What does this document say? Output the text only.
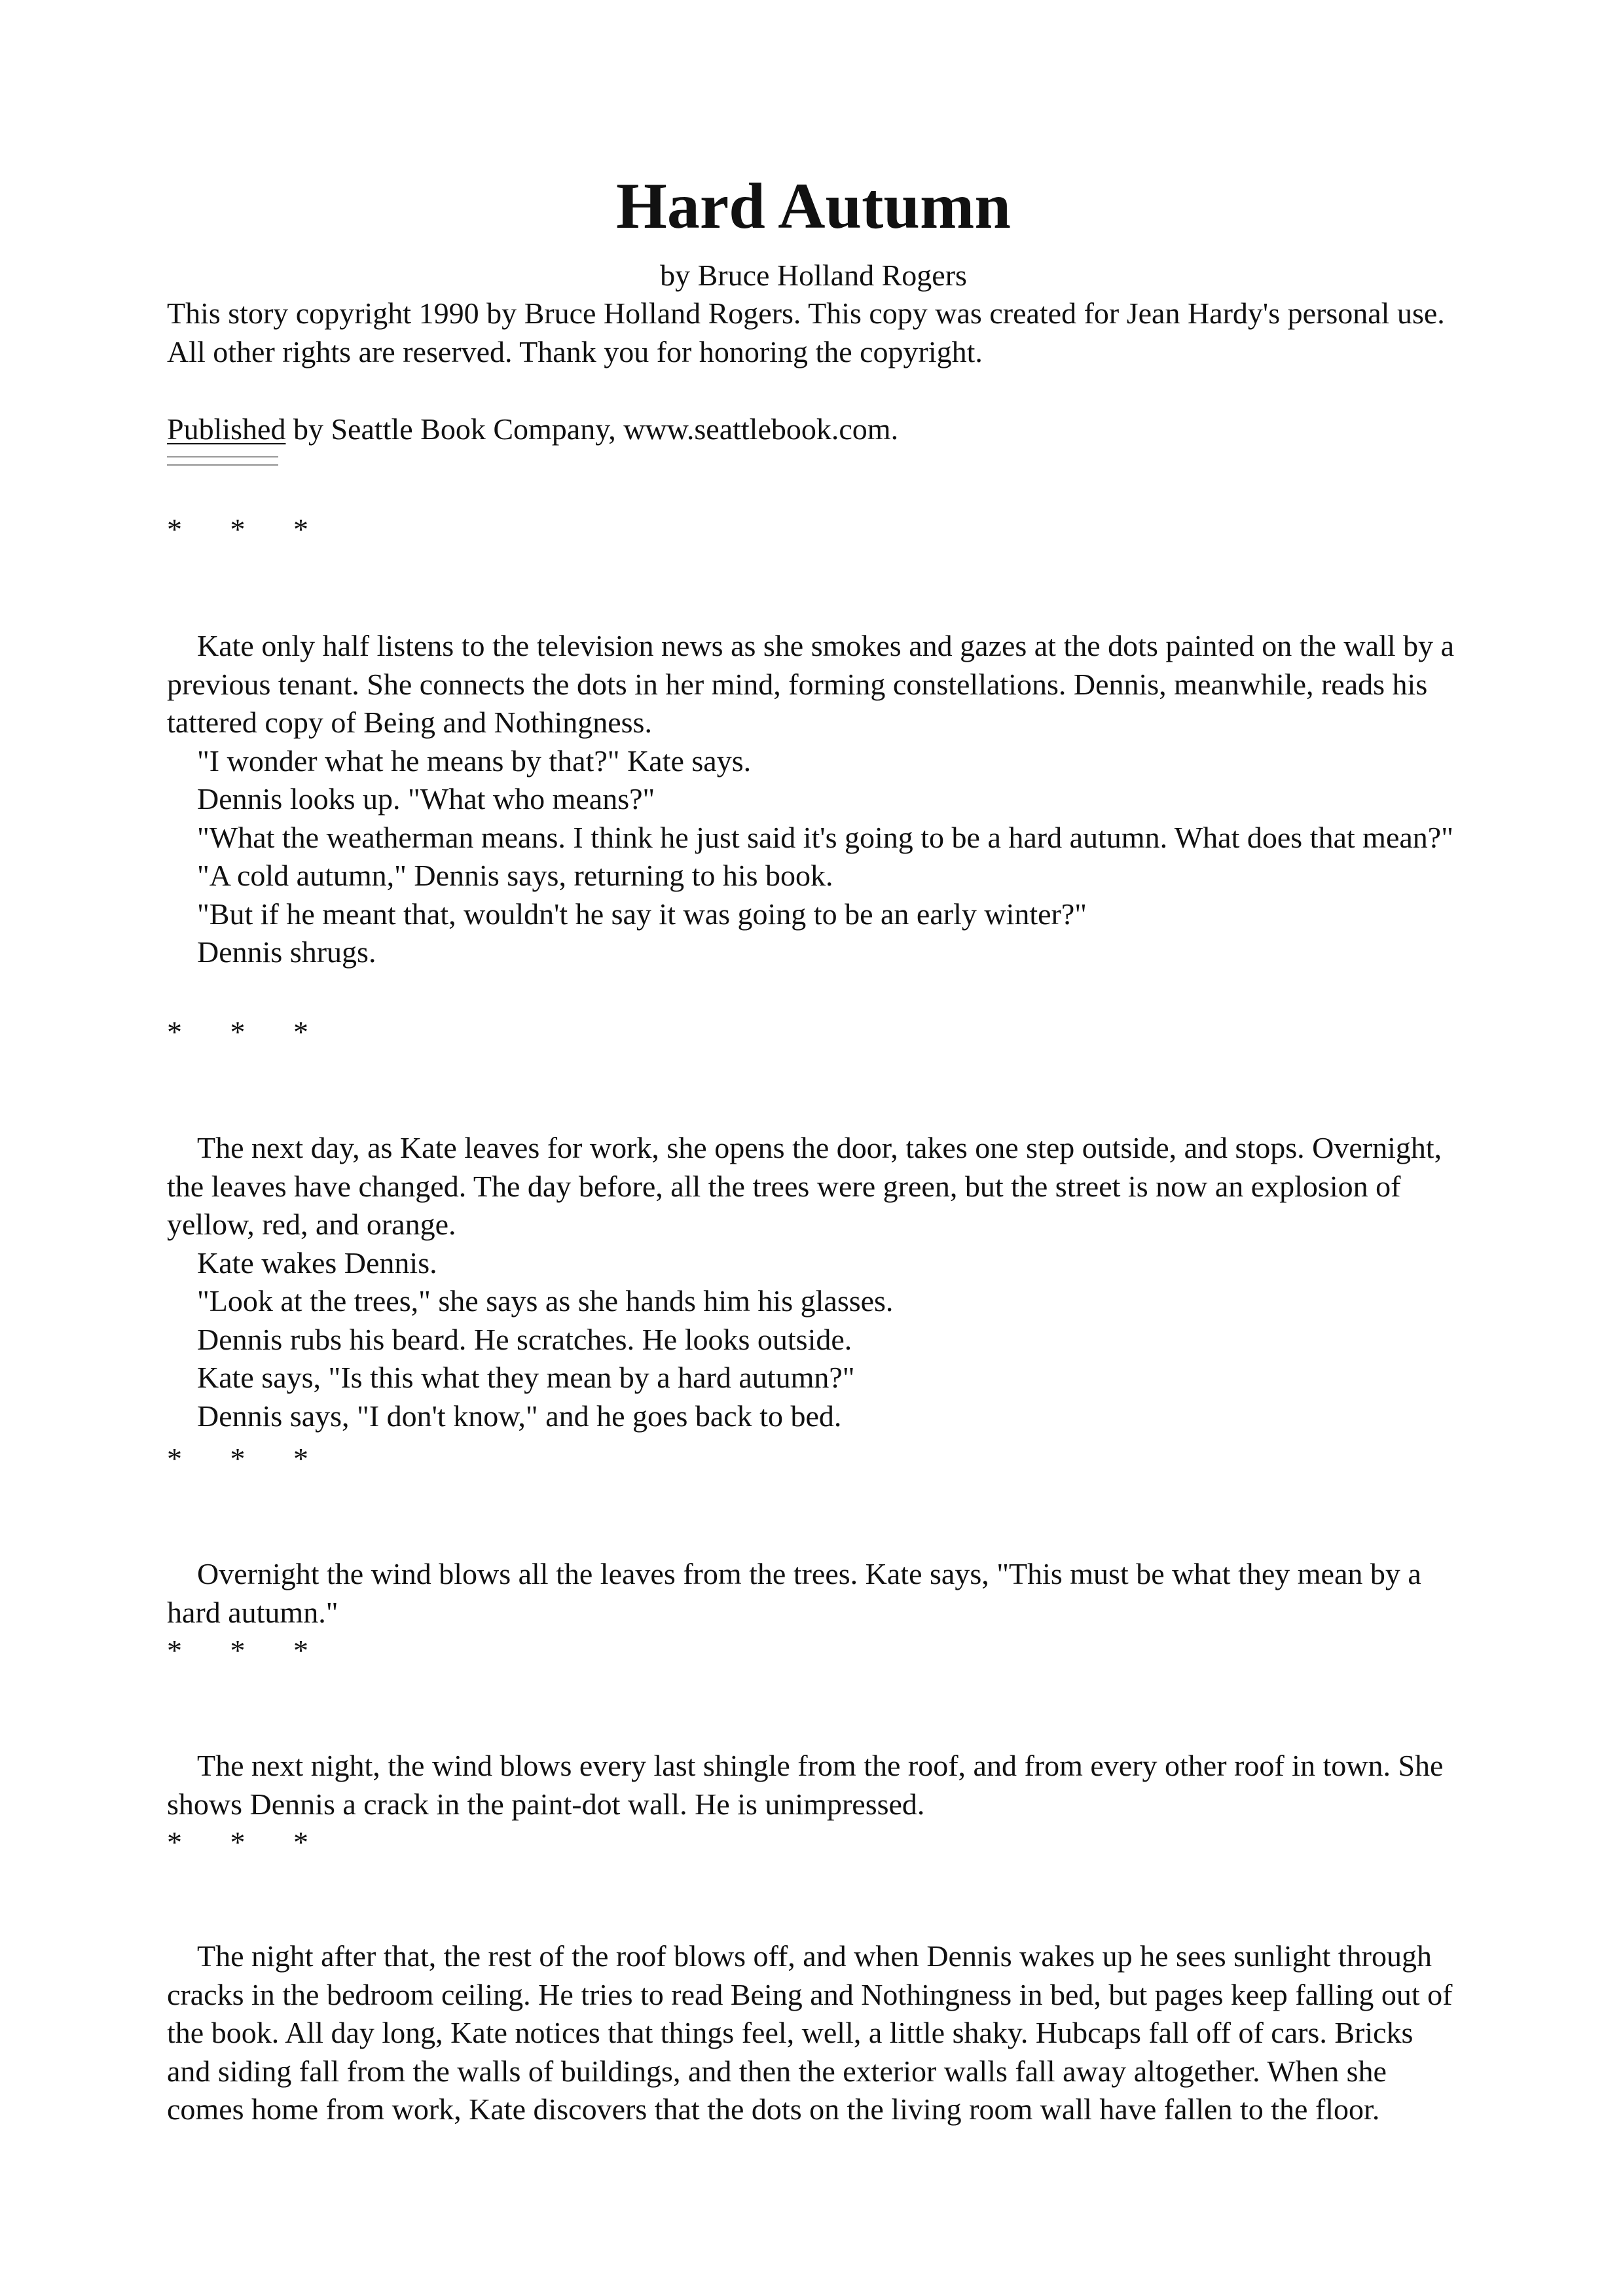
Hard Autumn
by Bruce Holland Rogers

This story copyright 1990 by Bruce Holland Rogers. This copy was created for Jean Hardy's personal use. All other rights are reserved. Thank you for honoring the copyright.

Published by Seattle Book Company, www.seattlebook.com.

* * *

Kate only half listens to the television news as she smokes and gazes at the dots painted on the wall by a previous tenant. She connects the dots in her mind, forming constellations. Dennis, meanwhile, reads his tattered copy of Being and Nothingness.

"I wonder what he means by that?" Kate says.

Dennis looks up. "What who means?"

"What the weatherman means. I think he just said it's going to be a hard autumn. What does that mean?"

"A cold autumn," Dennis says, returning to his book.

"But if he meant that, wouldn't he say it was going to be an early winter?"

Dennis shrugs.

* * *

The next day, as Kate leaves for work, she opens the door, takes one step outside, and stops. Overnight, the leaves have changed. The day before, all the trees were green, but the street is now an explosion of yellow, red, and orange.

Kate wakes Dennis.

"Look at the trees," she says as she hands him his glasses.

Dennis rubs his beard. He scratches. He looks outside.

Kate says, "Is this what they mean by a hard autumn?"

Dennis says, "I don't know," and he goes back to bed.

* * *

Overnight the wind blows all the leaves from the trees. Kate says, "This must be what they mean by a hard autumn."

* * *

The next night, the wind blows every last shingle from the roof, and from every other roof in town. She shows Dennis a crack in the paint-dot wall. He is unimpressed.

* * *

The night after that, the rest of the roof blows off, and when Dennis wakes up he sees sunlight through cracks in the bedroom ceiling. He tries to read Being and Nothingness in bed, but pages keep falling out of the book. All day long, Kate notices that things feel, well, a little shaky. Hubcaps fall off of cars. Bricks and siding fall from the walls of buildings, and then the exterior walls fall away altogether. When she comes home from work, Kate discovers that the dots on the living room wall have fallen to the floor.
